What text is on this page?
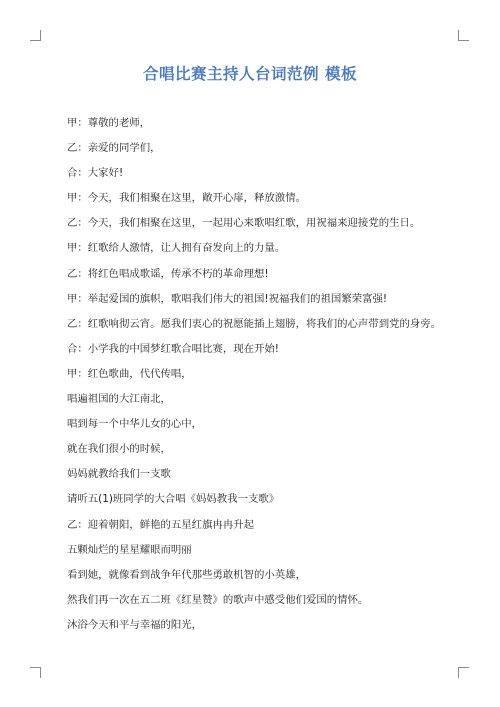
合唱比赛主持人台词范例 模板
甲：尊敬的老师，
乙：亲爱的同学们，
合：大家好!
甲：今天，我们相聚在这里，敞开心扉，释放激情。
乙：今天，我们相聚在这里，一起用心来歌唱红歌，用祝福来迎接党的生日。
甲：红歌给人激情，让人拥有奋发向上的力量。
乙：将红色唱成歌谣，传承不朽的革命理想!
甲：举起爱国的旗帜，歌唱我们伟大的祖国!祝福我们的祖国繁荣富强!
乙：红歌响彻云宵。愿我们衷心的祝愿能插上翅膀，将我们的心声带到党的身旁。
合：小学我的中国梦红歌合唱比赛，现在开始!
甲：红色歌曲，代代传唱，
唱遍祖国的大江南北，
唱到每一个中华儿女的心中，
就在我们很小的时候，
妈妈就教给我们一支歌
请听五(1)班同学的大合唱《妈妈教我一支歌》
乙：迎着朝阳，鲜艳的五星红旗冉冉升起
五颗灿烂的星星耀眼而明丽
看到她，就像看到战争年代那些勇敢机智的小英雄，
然我们再一次在五二班《红星赞》的歌声中感受他们爱国的情怀。
沐浴今天和平与幸福的阳光，
